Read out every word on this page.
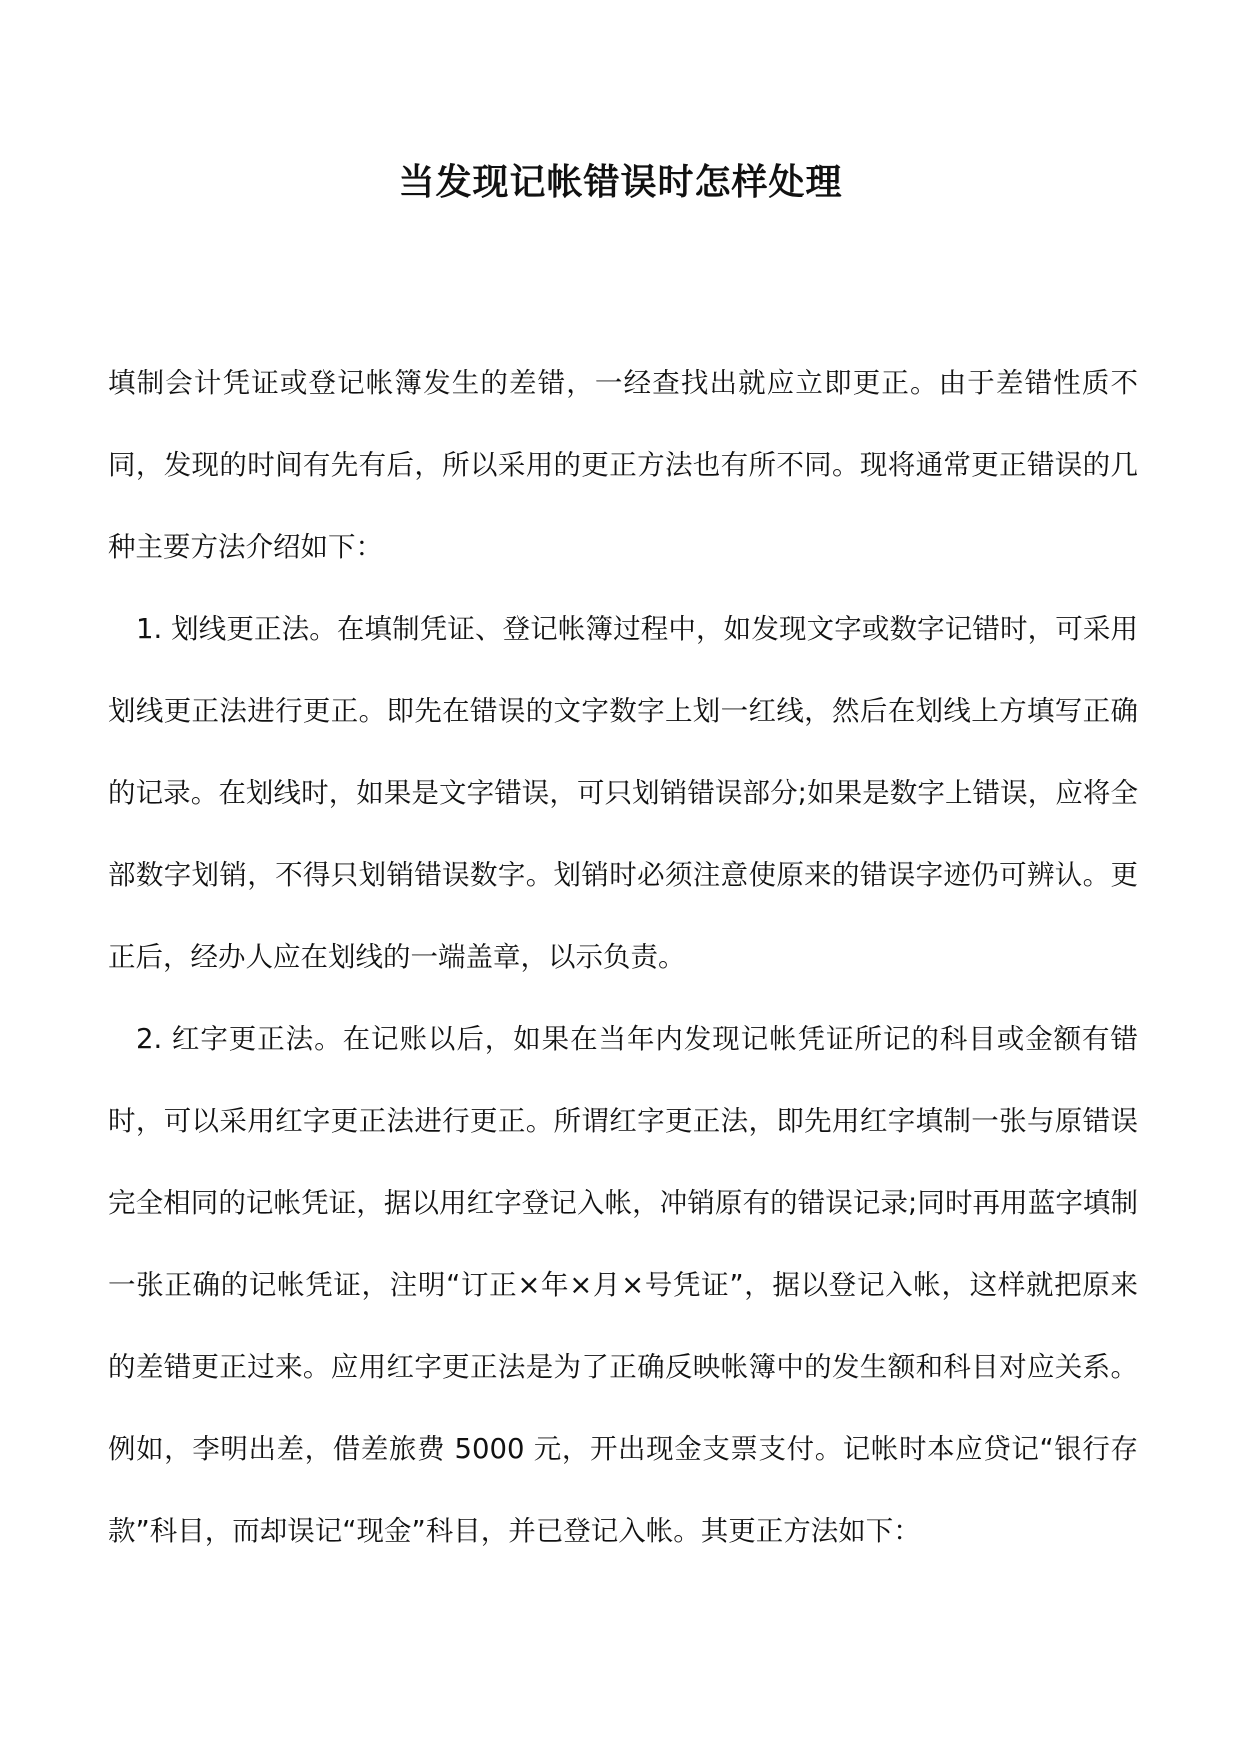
当发现记帐错误时怎样处理

填制会计凭证或登记帐簿发生的差错，一经查找出就应立即更正。由于差错性质不同，发现的时间有先有后，所以采用的更正方法也有所不同。现将通常更正错误的几种主要方法介绍如下：

1. 划线更正法。在填制凭证、登记帐簿过程中，如发现文字或数字记错时，可采用划线更正法进行更正。即先在错误的文字数字上划一红线，然后在划线上方填写正确的记录。在划线时，如果是文字错误，可只划销错误部分;如果是数字上错误，应将全部数字划销，不得只划销错误数字。划销时必须注意使原来的错误字迹仍可辨认。更正后，经办人应在划线的一端盖章，以示负责。

2. 红字更正法。在记账以后，如果在当年内发现记帐凭证所记的科目或金额有错时，可以采用红字更正法进行更正。所谓红字更正法，即先用红字填制一张与原错误完全相同的记帐凭证，据以用红字登记入帐，冲销原有的错误记录;同时再用蓝字填制一张正确的记帐凭证，注明“订正×年×月×号凭证”，据以登记入帐，这样就把原来的差错更正过来。应用红字更正法是为了正确反映帐簿中的发生额和科目对应关系。例如，李明出差，借差旅费 5000 元，开出现金支票支付。记帐时本应贷记“银行存款”科目，而却误记“现金”科目，并已登记入帐。其更正方法如下：
